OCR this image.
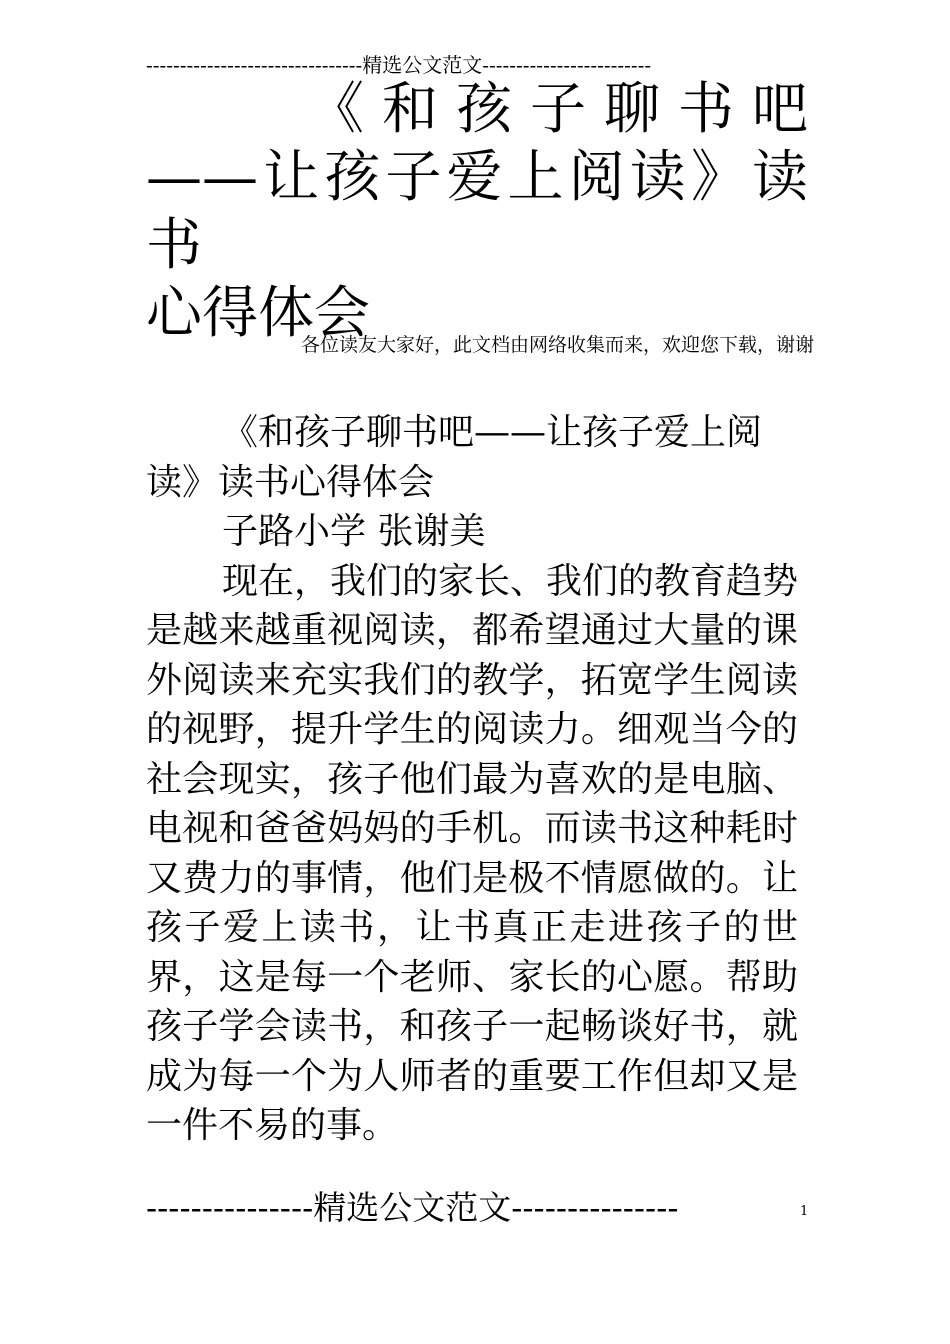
--------------------------------精选公文范文-------------------------
《和孩子聊书吧
——让孩子爱上阅读》读书
心得体会
各位读友大家好，此文档由网络收集而来，欢迎您下载，谢谢

《和孩子聊书吧——让孩子爱上阅读》读书心得体会

子路小学 张谢美

现在，我们的家长、我们的教育趋势是越来越重视阅读，都希望通过大量的课外阅读来充实我们的教学，拓宽学生阅读的视野，提升学生的阅读力。细观当今的社会现实，孩子他们最为喜欢的是电脑、电视和爸爸妈妈的手机。而读书这种耗时又费力的事情，他们是极不情愿做的。让孩子爱上读书，让书真正走进孩子的世界，这是每一个老师、家长的心愿。帮助孩子学会读书，和孩子一起畅谈好书，就成为每一个为人师者的重要工作但却又是一件不易的事。

---------------精选公文范文---------------	1
